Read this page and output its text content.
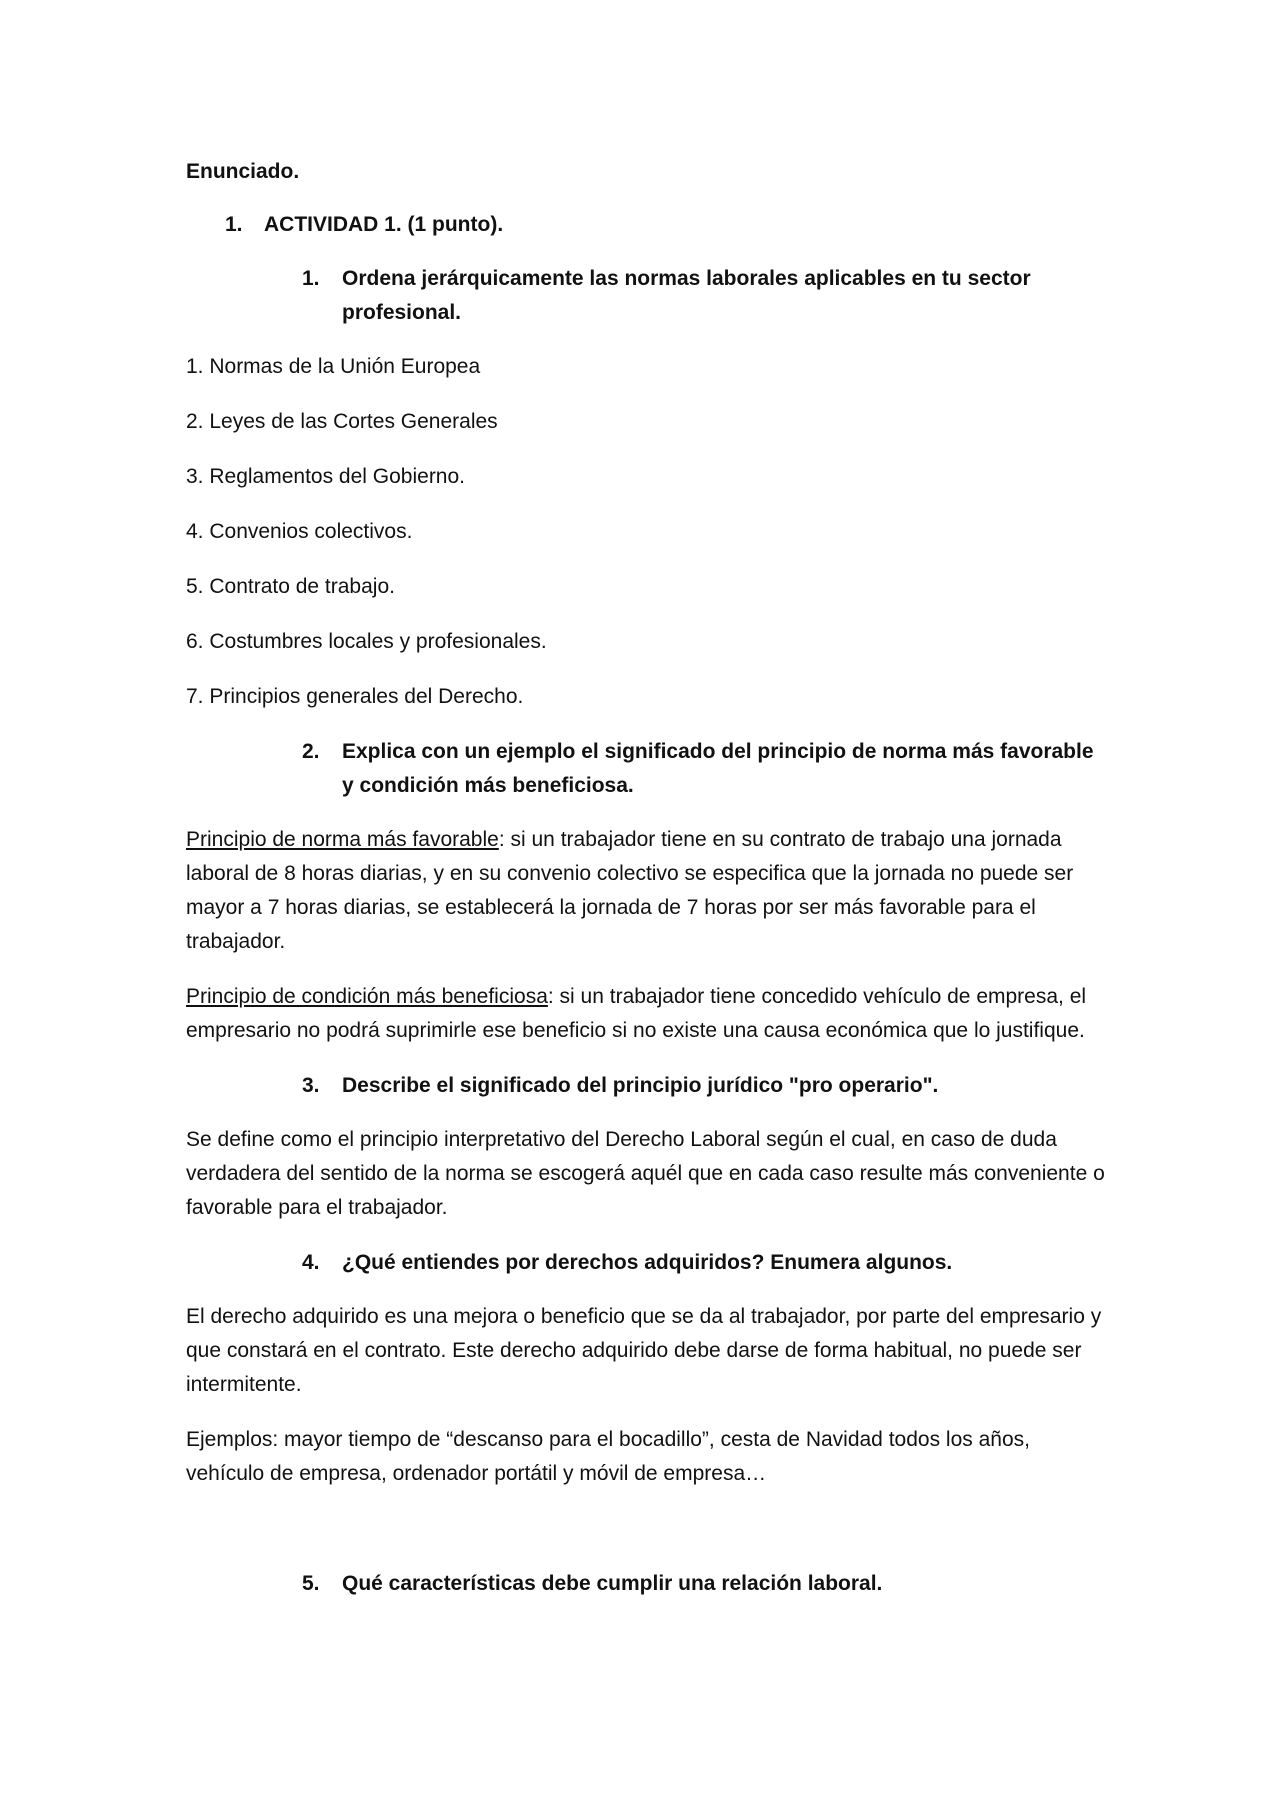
Enunciado.

1. ACTIVIDAD 1. (1 punto).

1. Ordena jerárquicamente las normas laborales aplicables en tu sector profesional.

1. Normas de la Unión Europea

2. Leyes de las Cortes Generales

3. Reglamentos del Gobierno.

4. Convenios colectivos.

5. Contrato de trabajo.

6. Costumbres locales y profesionales.

7. Principios generales del Derecho.

2. Explica con un ejemplo el significado del principio de norma más favorable y condición más beneficiosa.

Principio de norma más favorable: si un trabajador tiene en su contrato de trabajo una jornada laboral de 8 horas diarias, y en su convenio colectivo se especifica que la jornada no puede ser mayor a 7 horas diarias, se establecerá la jornada de 7 horas por ser más favorable para el trabajador.

Principio de condición más beneficiosa: si un trabajador tiene concedido vehículo de empresa, el empresario no podrá suprimirle ese beneficio si no existe una causa económica que lo justifique.

3. Describe el significado del principio jurídico "pro operario".

Se define como el principio interpretativo del Derecho Laboral según el cual, en caso de duda verdadera del sentido de la norma se escogerá aquél que en cada caso resulte más conveniente o favorable para el trabajador.

4. ¿Qué entiendes por derechos adquiridos? Enumera algunos.

El derecho adquirido es una mejora o beneficio que se da al trabajador, por parte del empresario y que constará en el contrato. Este derecho adquirido debe darse de forma habitual, no puede ser intermitente.

Ejemplos: mayor tiempo de “descanso para el bocadillo”, cesta de Navidad todos los años, vehículo de empresa, ordenador portátil y móvil de empresa…

5. Qué características debe cumplir una relación laboral.
